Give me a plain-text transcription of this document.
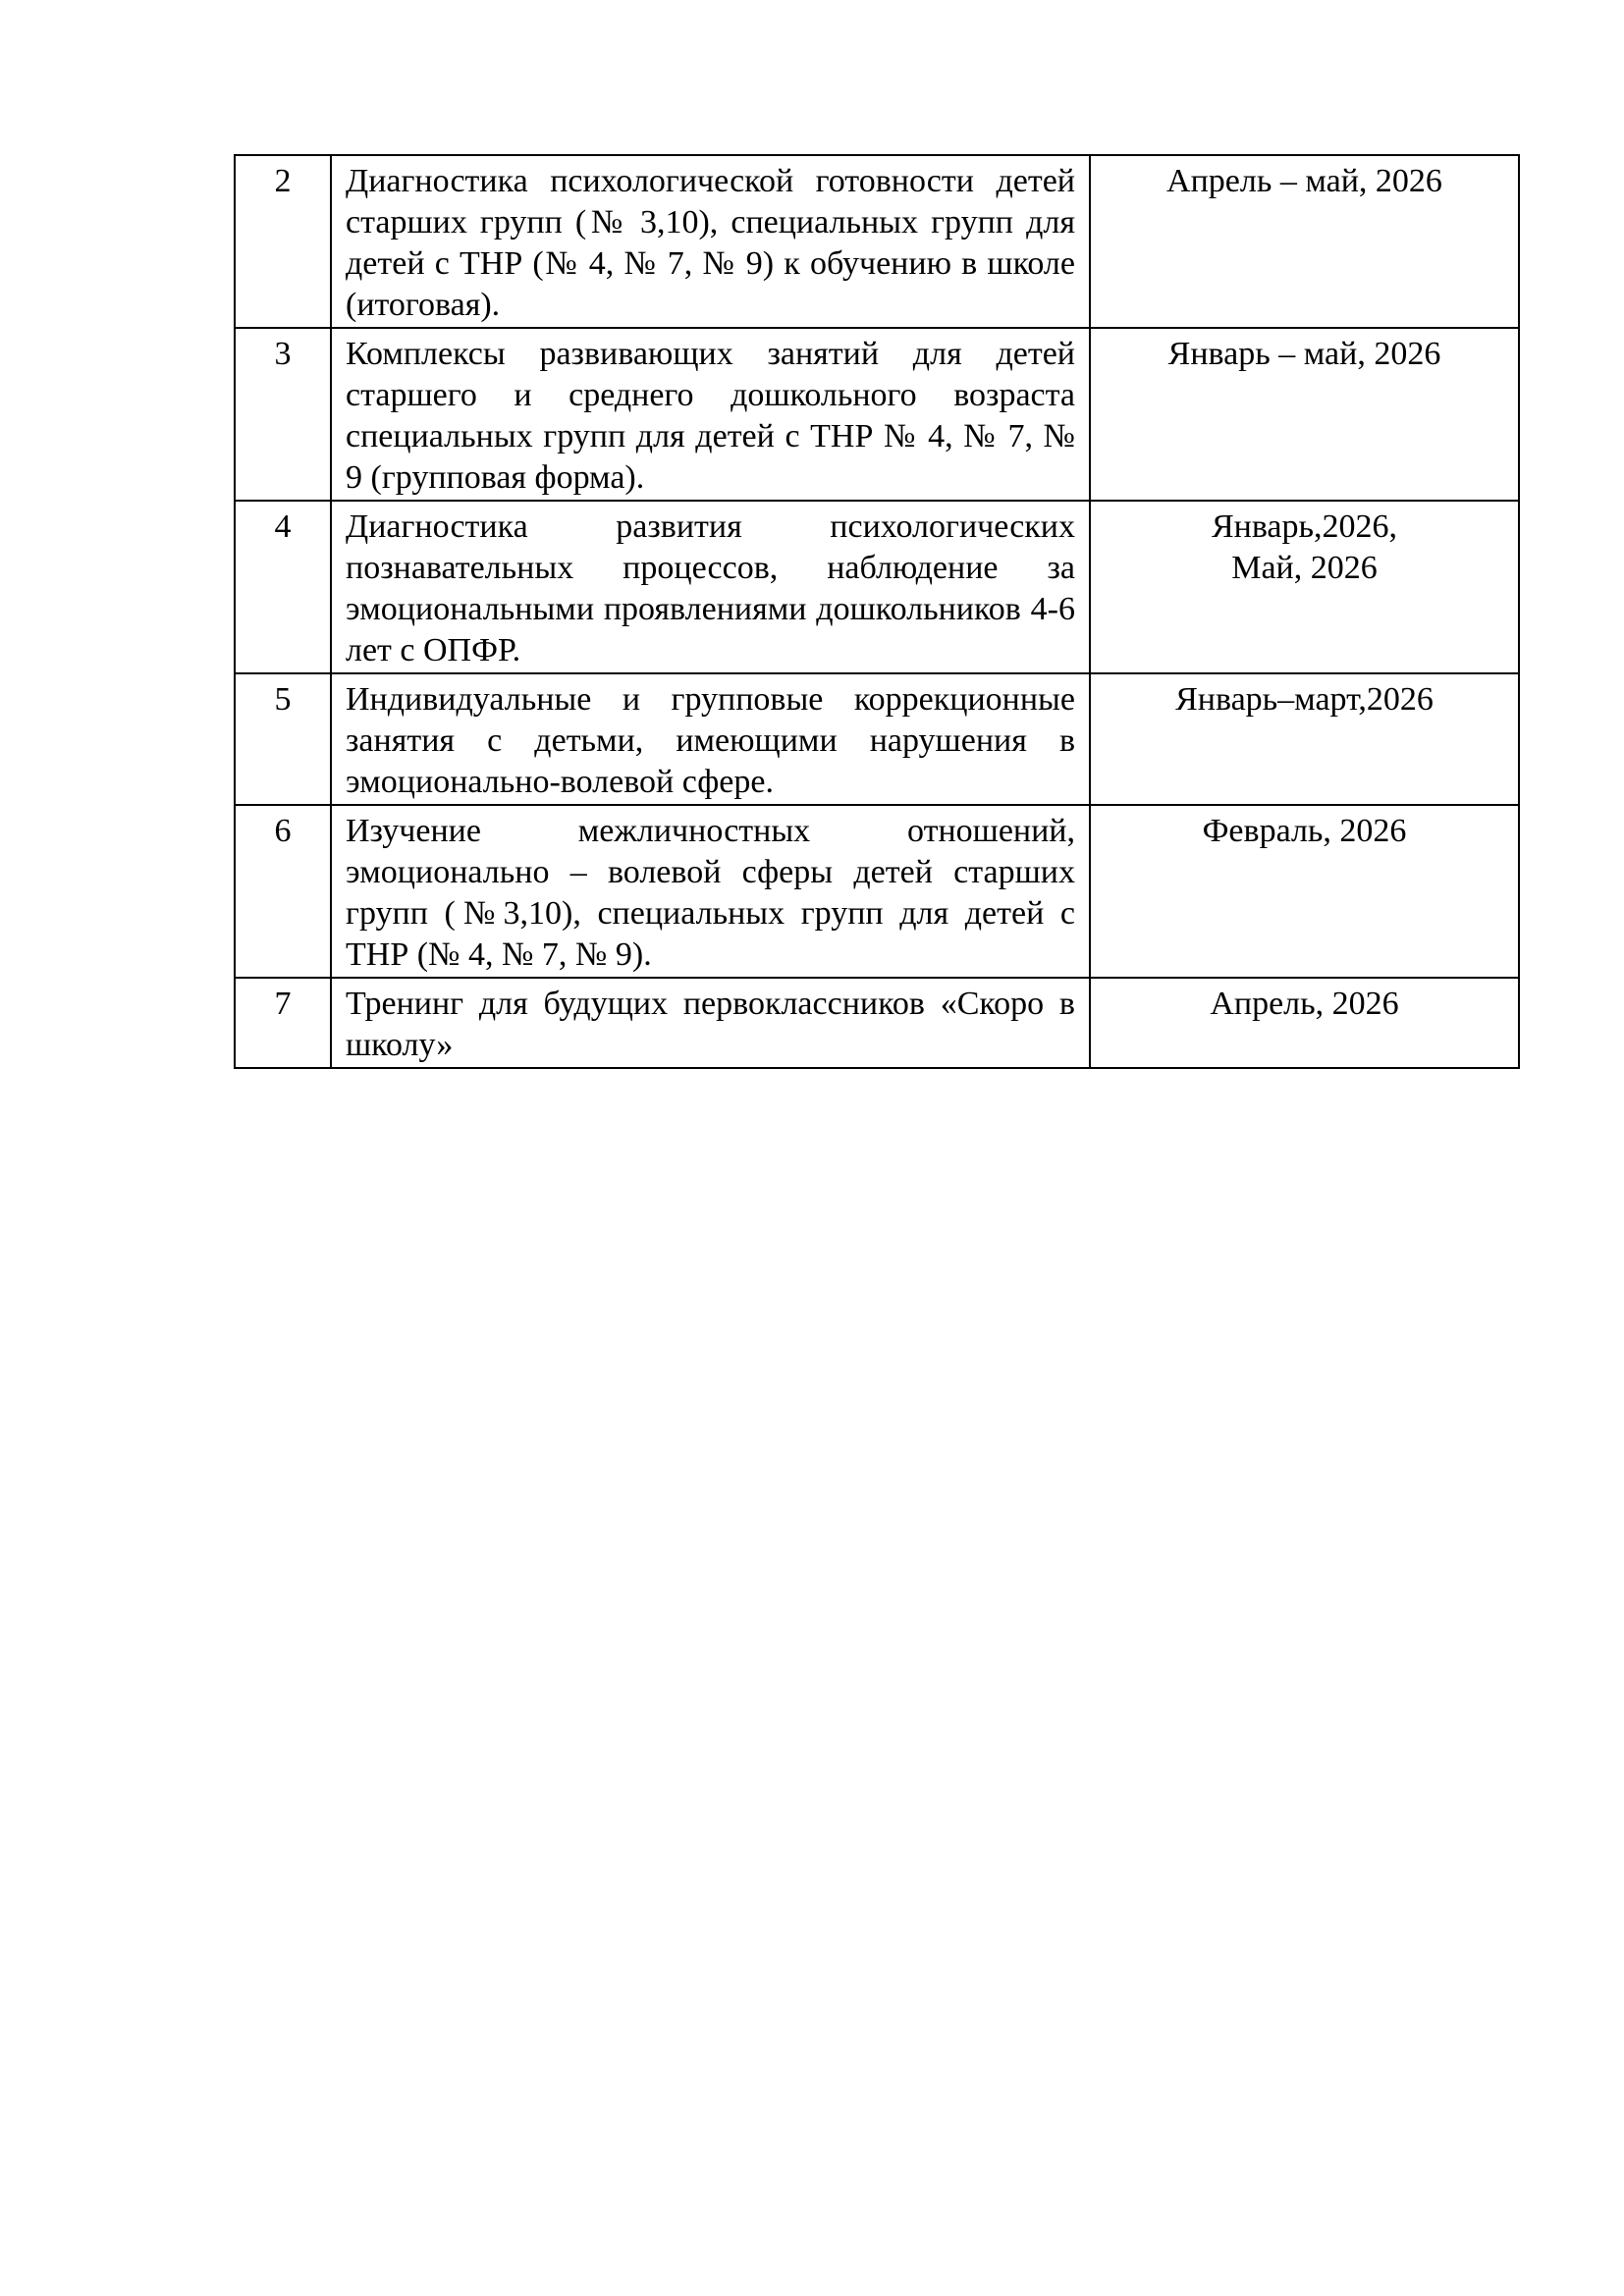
2	Диагностика психологической готовности детей старших групп (№ 3,10), специальных групп для детей с ТНР (№ 4, № 7, № 9) к обучению в школе (итоговая).	Апрель – май, 2026

3	Комплексы развивающих занятий для детей старшего и среднего дошкольного возраста специальных групп для детей с ТНР № 4, № 7, № 9 (групповая форма).	Январь – май, 2026

4	Диагностика развития психологических познавательных процессов, наблюдение за эмоциональными проявлениями дошкольников 4-6 лет с ОПФР.	Январь,2026,
Май, 2026

5	Индивидуальные и групповые коррекционные занятия с детьми, имеющими нарушения в эмоционально-волевой сфере.	Январь–март,2026

6	Изучение межличностных отношений, эмоционально – волевой сферы детей старших групп (№3,10), специальных групп для детей с ТНР (№ 4, № 7, № 9).	Февраль, 2026

7	Тренинг для будущих первоклассников «Скоро в школу»	Апрель, 2026
